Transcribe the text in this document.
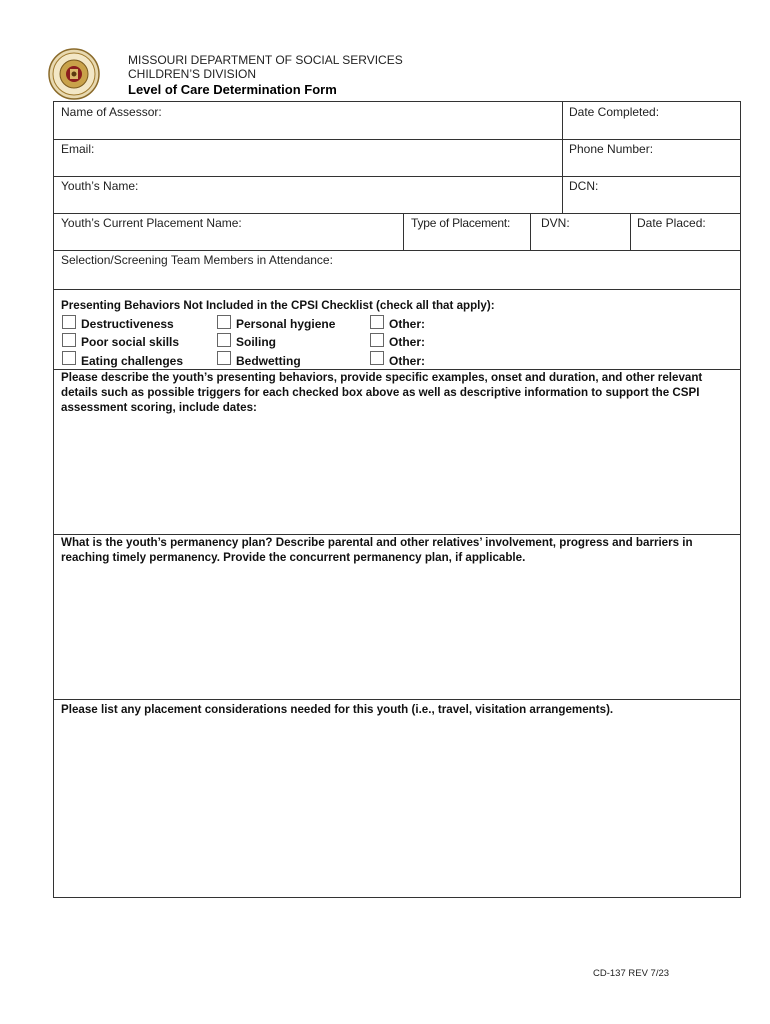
MISSOURI DEPARTMENT OF SOCIAL SERVICES
CHILDREN’S DIVISION
Level of Care Determination Form
Name of Assessor:	Date Completed:
Email:	Phone Number:
Youth’s Name:	DCN:
Youth’s Current Placement Name:	Type of Placement:	DVN:	Date Placed:
Selection/Screening Team Members in Attendance:
Presenting Behaviors Not Included in the CPSI Checklist (check all that apply):
Destructiveness	Personal hygiene	Other:
Poor social skills	Soiling	Other:
Eating challenges	Bedwetting	Other:
Please describe the youth’s presenting behaviors, provide specific examples, onset and duration, and other relevant details such as possible triggers for each checked box above as well as descriptive information to support the CSPI assessment scoring, include dates:
What is the youth’s permanency plan? Describe parental and other relatives’ involvement, progress and barriers in reaching timely permanency. Provide the concurrent permanency plan, if applicable.
Please list any placement considerations needed for this youth (i.e., travel, visitation arrangements).
CD-137 REV 7/23
